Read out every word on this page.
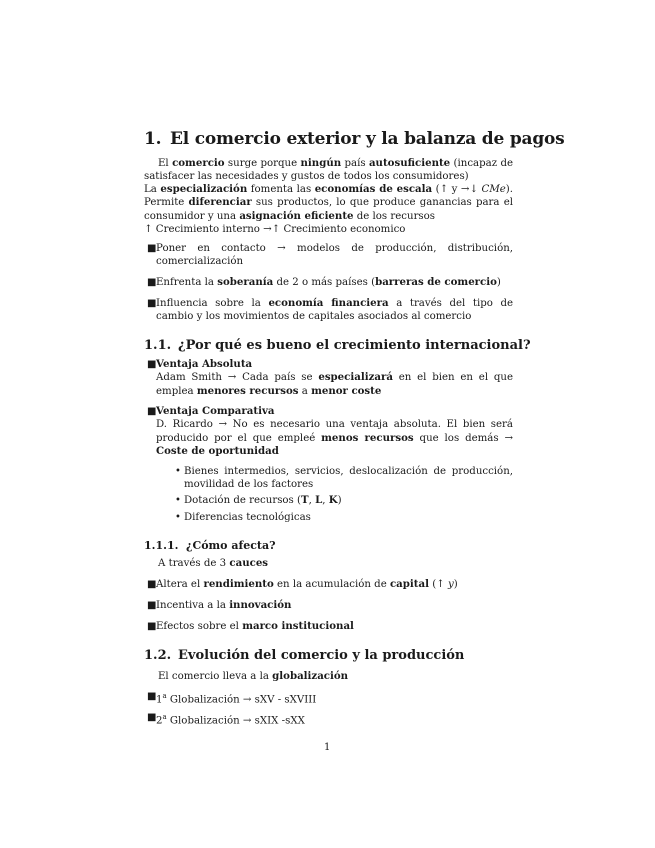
1. El comercio exterior y la balanza de pagos
El comercio surge porque ningún país autosuficiente (incapaz de satisfacer las necesidades y gustos de todos los consumidores)
La especialización fomenta las economías de escala (↑ y →↓ CMe). Permite diferenciar sus productos, lo que produce ganancias para el consumidor y una asignación eficiente de los recursos
↑ Crecimiento interno →↑ Crecimiento economico
■ Poner en contacto → modelos de producción, distribución, comercialización
■ Enfrenta la soberanía de 2 o más países (barreras de comercio)
■ Influencia sobre la economía financiera a través del tipo de cambio y los movimientos de capitales asociados al comercio
1.1. ¿Por qué es bueno el crecimiento internacional?
■ Ventaja Absoluta
Adam Smith → Cada país se especializará en el bien en el que emplea menores recursos a menor coste
■ Ventaja Comparativa
D. Ricardo → No es necesario una ventaja absoluta. El bien será producido por el que empleé menos recursos que los demás → Coste de oportunidad
• Bienes intermedios, servicios, deslocalización de producción, movilidad de los factores
• Dotación de recursos (T, L, K)
• Diferencias tecnológicas
1.1.1. ¿Cómo afecta?
A través de 3 cauces
■ Altera el rendimiento en la acumulación de capital (↑ y)
■ Incentiva a la innovación
■ Efectos sobre el marco institucional
1.2. Evolución del comercio y la producción
El comercio lleva a la globalización
■ 1$^a$ Globalización → sXV - sXVIII
■ 2$^a$ Globalización → sXIX -sXX
1
